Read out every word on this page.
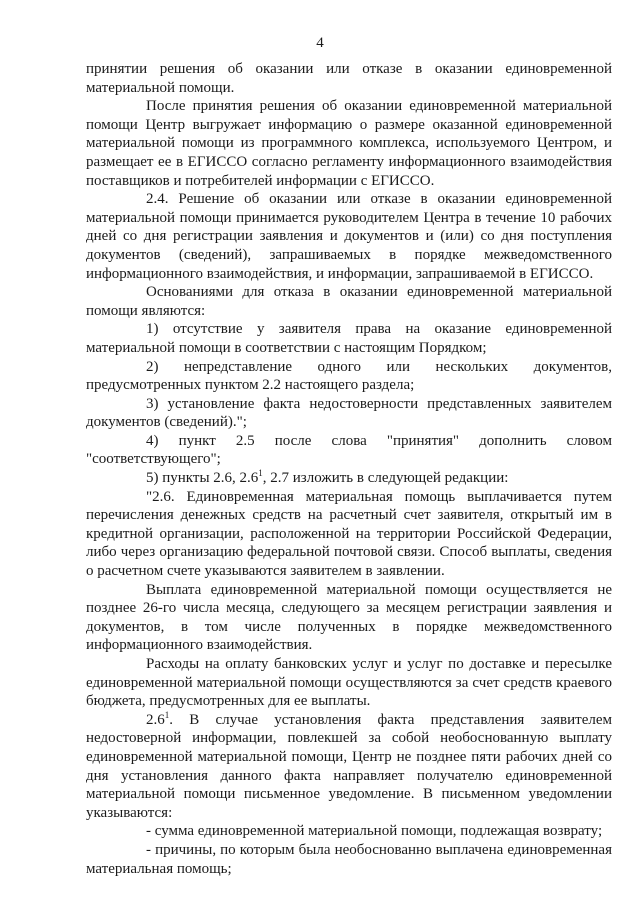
4

принятии решения об оказании или отказе в оказании единовременной материальной помощи.

После принятия решения об оказании единовременной материальной помощи Центр выгружает информацию о размере оказанной единовременной материальной помощи из программного комплекса, используемого Центром, и размещает ее в ЕГИССО согласно регламенту информационного взаимодействия поставщиков и потребителей информации с ЕГИССО.

2.4. Решение об оказании или отказе в оказании единовременной материальной помощи принимается руководителем Центра в течение 10 рабочих дней со дня регистрации заявления и документов и (или) со дня поступления документов (сведений), запрашиваемых в порядке межведомственного информационного взаимодействия, и информации, запрашиваемой в ЕГИССО.

Основаниями для отказа в оказании единовременной материальной помощи являются:

1) отсутствие у заявителя права на оказание единовременной материальной помощи в соответствии с настоящим Порядком;

2) непредставление одного или нескольких документов, предусмотренных пунктом 2.2 настоящего раздела;

3) установление факта недостоверности представленных заявителем документов (сведений).";

4) пункт 2.5 после слова "принятия" дополнить словом "соответствующего";

5) пункты 2.6, $2.6^1$, 2.7 изложить в следующей редакции:

"2.6. Единовременная материальная помощь выплачивается путем перечисления денежных средств на расчетный счет заявителя, открытый им в кредитной организации, расположенной на территории Российской Федерации, либо через организацию федеральной почтовой связи. Способ выплаты, сведения о расчетном счете указываются заявителем в заявлении.

Выплата единовременной материальной помощи осуществляется не позднее 26-го числа месяца, следующего за месяцем регистрации заявления и документов, в том числе полученных в порядке межведомственного информационного взаимодействия.

Расходы на оплату банковских услуг и услуг по доставке и пересылке единовременной материальной помощи осуществляются за счет средств краевого бюджета, предусмотренных для ее выплаты.

$2.6^1$. В случае установления факта представления заявителем недостоверной информации, повлекшей за собой необоснованную выплату единовременной материальной помощи, Центр не позднее пяти рабочих дней со дня установления данного факта направляет получателю единовременной материальной помощи письменное уведомление. В письменном уведомлении указываются:

- сумма единовременной материальной помощи, подлежащая возврату;

- причины, по которым была необоснованно выплачена единовременная материальная помощь;
